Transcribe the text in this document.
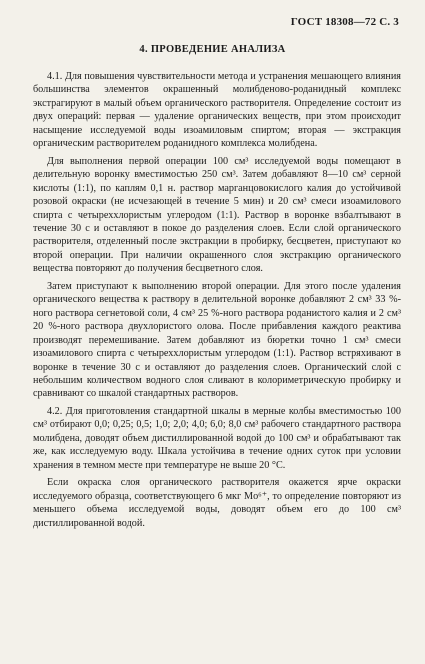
ГОСТ 18308—72 С. 3
4. ПРОВЕДЕНИЕ АНАЛИЗА

4.1. Для повышения чувствительности метода и устранения мешающего влияния большинства элементов окрашенный молибденово-роданидный комплекс экстрагируют в малый объем органического растворителя. Определение состоит из двух операций: первая — удаление органических веществ, при этом происходит насыщение исследуемой воды изоамиловым спиртом; вторая — экстракция органическим растворителем роданидного комплекса молибдена.

Для выполнения первой операции 100 см³ исследуемой воды помещают в делительную воронку вместимостью 250 см³. Затем добавляют 8—10 см³ серной кислоты (1:1), по каплям 0,1 н. раствор марганцовокислого калия до устойчивой розовой окраски (не исчезающей в течение 5 мин) и 20 см³ смеси изоамилового спирта с четыреххлористым углеродом (1:1). Раствор в воронке взбалтывают в течение 30 с и оставляют в покое до разделения слоев. Если слой органического растворителя, отделенный после экстракции в пробирку, бесцветен, приступают ко второй операции. При наличии окрашенного слоя экстракцию органического вещества повторяют до получения бесцветного слоя.

Затем приступают к выполнению второй операции. Для этого после удаления органического вещества к раствору в делительной воронке добавляют 2 см³ 33 %-ного раствора сегнетовой соли, 4 см³ 25 %-ного раствора роданистого калия и 2 см³ 20 %-ного раствора двухлористого олова. После прибавления каждого реактива производят перемешивание. Затем добавляют из бюретки точно 1 см³ смеси изоамилового спирта с четыреххлористым углеродом (1:1). Раствор встряхивают в воронке в течение 30 с и оставляют до разделения слоев. Органический слой с небольшим количеством водного слоя сливают в колориметрическую пробирку и сравнивают со шкалой стандартных растворов.

4.2. Для приготовления стандартной шкалы в мерные колбы вместимостью 100 см³ отбирают 0,0; 0,25; 0,5; 1,0; 2,0; 4,0; 6,0; 8,0 см³ рабочего стандартного раствора молибдена, доводят объем дистиллированной водой до 100 см³ и обрабатывают так же, как исследуемую воду. Шкала устойчива в течение одних суток при условии хранения в темном месте при температуре не выше 20 °С.

Если окраска слоя органического растворителя окажется ярче окраски исследуемого образца, соответствующего 6 мкг Mo⁶⁺, то определение повторяют из меньшего объема исследуемой воды, доводят объем его до 100 см³ дистиллированной водой.
